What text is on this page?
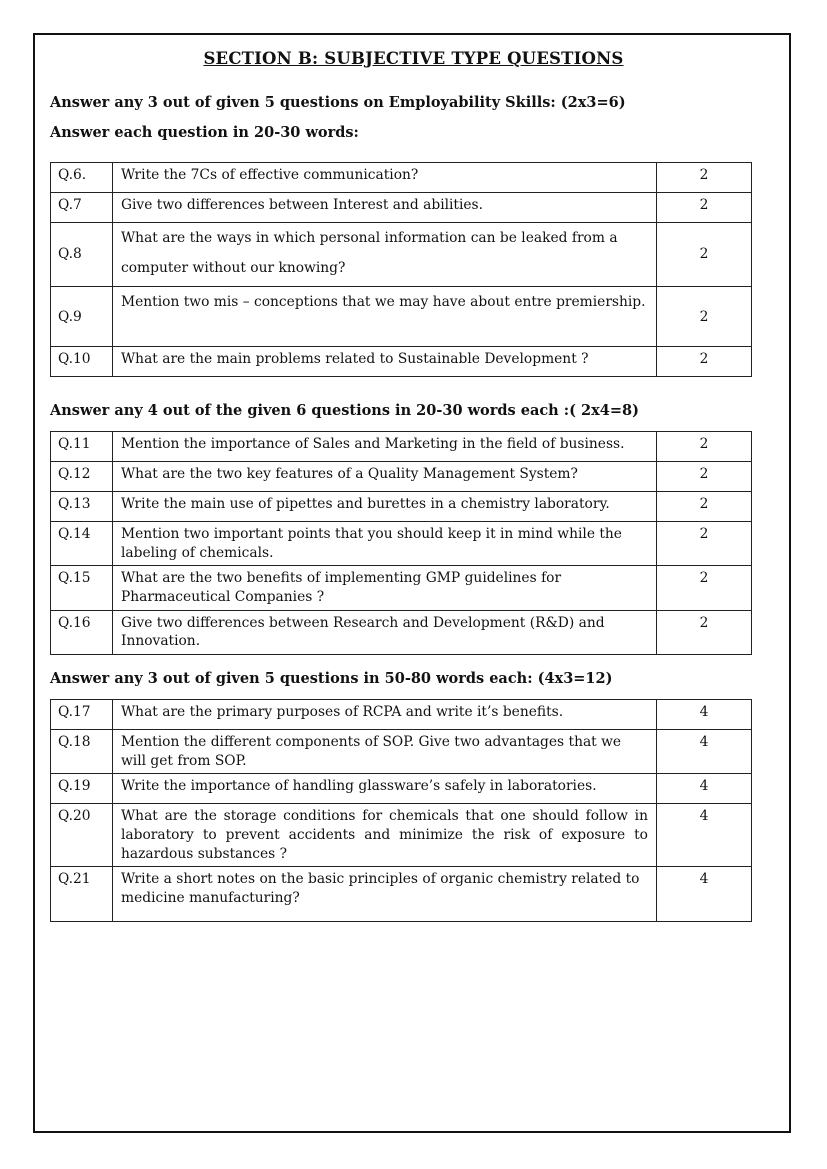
SECTION B: SUBJECTIVE TYPE QUESTIONS
Answer any 3 out of given 5 questions on Employability Skills: (2x3=6)
Answer each question in 20-30 words:
Q.6.	Write the 7Cs of effective communication?	2
Q.7	Give two differences between Interest and abilities.	2
Q.8	What are the ways in which personal information can be leaked from a computer without our knowing?	2
Q.9	Mention two mis – conceptions that we may have about entre premiership.	2
Q.10	What are the main problems related to Sustainable Development ?	2
Answer any 4 out of the given 6 questions in 20-30 words each :( 2x4=8)
Q.11	Mention the importance of Sales and Marketing in the field of business.	2
Q.12	What are the two key features of a Quality Management System?	2
Q.13	Write the main use of pipettes and burettes in a chemistry laboratory.	2
Q.14	Mention two important points that you should keep it in mind while the labeling of chemicals.	2
Q.15	What are the two benefits of implementing GMP guidelines for Pharmaceutical Companies ?	2
Q.16	Give two differences between Research and Development (R&D) and Innovation.	2
Answer any 3 out of given 5 questions in 50-80 words each: (4x3=12)
Q.17	What are the primary purposes of RCPA and write it’s benefits.	4
Q.18	Mention the different components of SOP. Give two advantages that we will get from SOP.	4
Q.19	Write the importance of handling glassware’s safely in laboratories.	4
Q.20	What are the storage conditions for chemicals that one should follow in laboratory to prevent accidents and minimize the risk of exposure to hazardous substances ?	4
Q.21	Write a short notes on the basic principles of organic chemistry related to medicine manufacturing?	4
